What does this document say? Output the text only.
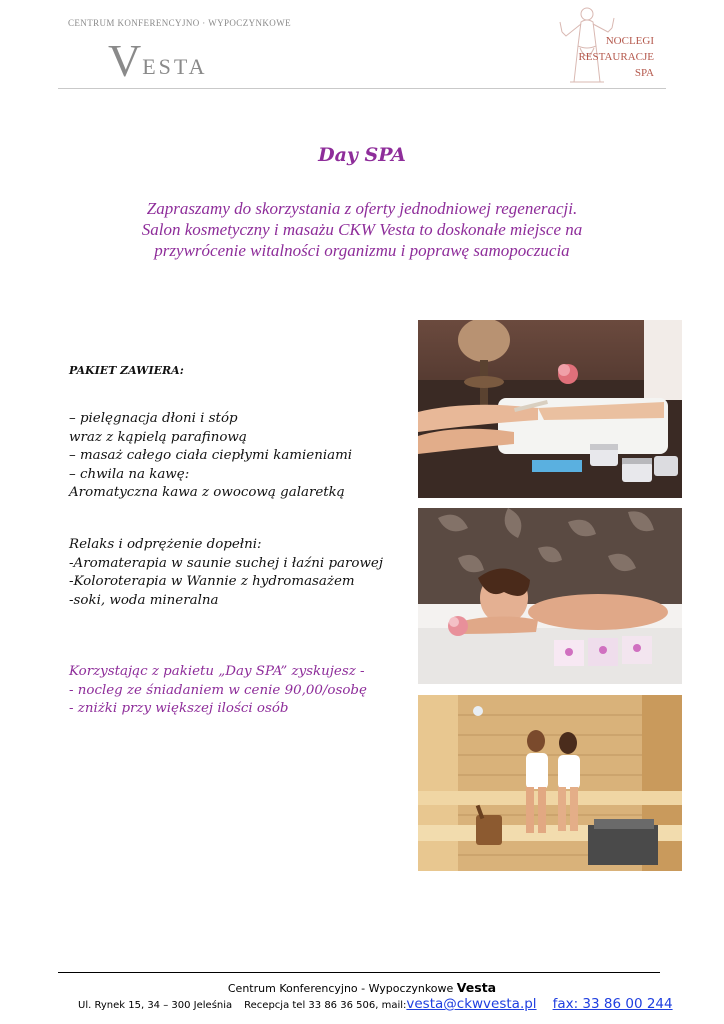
CENTRUM KONFERENCYJNO · WYPOCZYNKOWE
VESTA
NOCLEGI
RESTAURACJE
SPA
Day SPA
Zapraszamy do skorzystania z oferty jednodniowej regeneracji.
Salon kosmetyczny i masażu CKW Vesta to doskonałe miejsce na
przywrócenie witalności organizmu i poprawę samopoczucia
PAKIET ZAWIERA:
– pielęgnacja dłoni i stóp
wraz z kąpielą parafinową
– masaż całego ciała ciepłymi kamieniami
– chwila na kawę:
Aromatyczna kawa z owocową galaretką
Relaks i odprężenie dopełni:
-Aromaterapia w saunie suchej i łaźni parowej
-Koloroterapia w Wannie z hydromasażem
-soki, woda mineralna
Korzystając z pakietu „Day SPA” zyskujesz -
- nocleg ze śniadaniem w cenie 90,00/osobę
- zniżki przy większej ilości osób
Centrum Konferencyjno - Wypoczynkowe Vesta
Ul. Rynek 15, 34 – 300 Jeleśnia Recepcja tel 33 86 36 506, mail:vesta@ckwvesta.pl fax: 33 86 00 244
